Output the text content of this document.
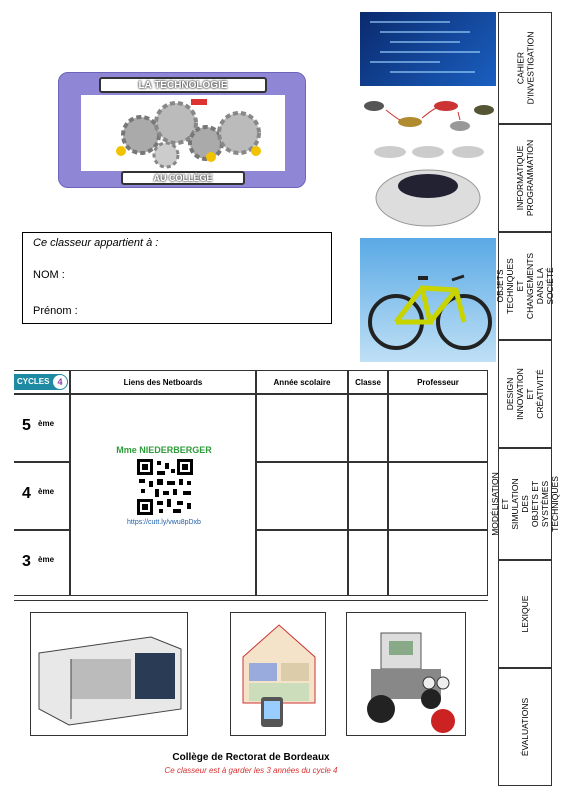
LA TECHNOLOGIE
AU COLLÈGE
CAHIER
D'INVESTIGATION
INFORMATIQUE
PROGRAMMATION
OBJETS
TECHNIQUES ET
CHANGEMENTS
DANS LA SOCIÉTÉ
DESIGN
INNOVATION
ET
CRÉATIVITÉ
MODÉLISATION ET
SIMULATION DES
OBJETS ET SYSTÈMES
TECHNIQUES
LEXIQUE
ÉVALUATIONS
Ce classeur appartient à :
NOM :
Prénom :
CYCLES 4	Liens des Netboards	Année scolaire	Classe	Professeur
5 ème
4 ème
3 ème
Mme NIEDERBERGER
https://cutt.ly/vwu8pDxb
Collège de Rectorat de Bordeaux
Ce classeur est à garder les 3 années du cycle 4
